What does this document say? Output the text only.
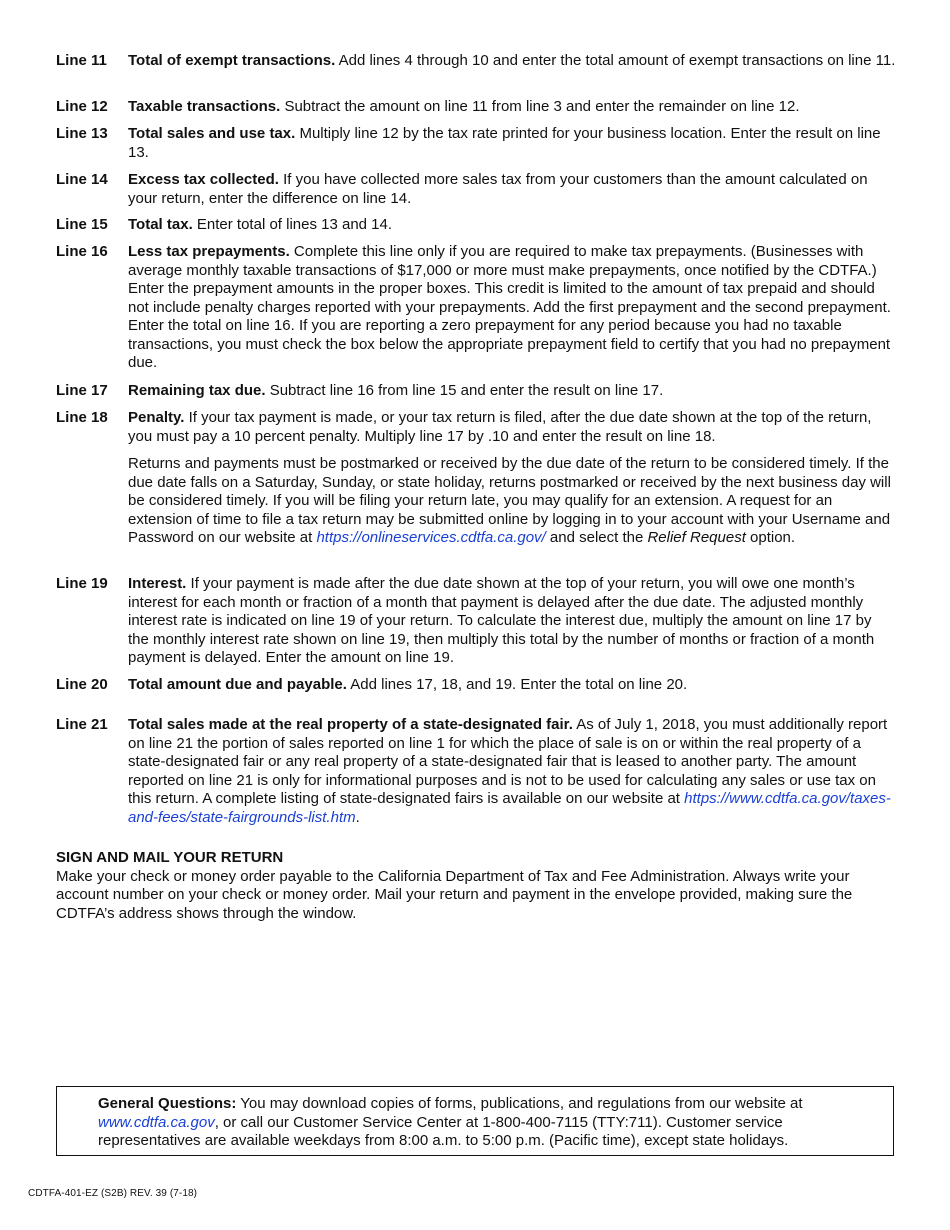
Line 11	Total of exempt transactions. Add lines 4 through 10 and enter the total amount of exempt transactions on line 11.
Line 12	Taxable transactions. Subtract the amount on line 11 from line 3 and enter the remainder on line 12.
Line 13	Total sales and use tax. Multiply line 12 by the tax rate printed for your business location. Enter the result on line 13.
Line 14	Excess tax collected. If you have collected more sales tax from your customers than the amount calculated on your return, enter the difference on line 14.
Line 15	Total tax. Enter total of lines 13 and 14.
Line 16	Less tax prepayments. Complete this line only if you are required to make tax prepayments. (Businesses with average monthly taxable transactions of $17,000 or more must make prepayments, once notified by the CDTFA.) Enter the prepayment amounts in the proper boxes. This credit is limited to the amount of tax prepaid and should not include penalty charges reported with your prepayments. Add the first prepayment and the second prepayment. Enter the total on line 16. If you are reporting a zero prepayment for any period because you had no taxable transactions, you must check the box below the appropriate prepayment field to certify that you had no prepayment due.
Line 17	Remaining tax due. Subtract line 16 from line 15 and enter the result on line 17.
Line 18	Penalty. If your tax payment is made, or your tax return is filed, after the due date shown at the top of the return, you must pay a 10 percent penalty. Multiply line 17 by .10 and enter the result on line 18.
Returns and payments must be postmarked or received by the due date of the return to be considered timely. If the due date falls on a Saturday, Sunday, or state holiday, returns postmarked or received by the next business day will be considered timely. If you will be filing your return late, you may qualify for an extension. A request for an extension of time to file a tax return may be submitted online by logging in to your account with your Username and Password on our website at https://onlineservices.cdtfa.ca.gov/ and select the Relief Request option.
Line 19	Interest. If your payment is made after the due date shown at the top of your return, you will owe one month’s interest for each month or fraction of a month that payment is delayed after the due date. The adjusted monthly interest rate is indicated on line 19 of your return. To calculate the interest due, multiply the amount on line 17 by the monthly interest rate shown on line 19, then multiply this total by the number of months or fraction of a month payment is delayed. Enter the amount on line 19.
Line 20	Total amount due and payable. Add lines 17, 18, and 19. Enter the total on line 20.
Line 21	Total sales made at the real property of a state-designated fair. As of July 1, 2018, you must additionally report on line 21 the portion of sales reported on line 1 for which the place of sale is on or within the real property of a state-designated fair or any real property of a state-designated fair that is leased to another party. The amount reported on line 21 is only for informational purposes and is not to be used for calculating any sales or use tax on this return. A complete listing of state-designated fairs is available on our website at https://www.cdtfa.ca.gov/taxes-and-fees/state-fairgrounds-list.htm.
SIGN AND MAIL YOUR RETURN

Make your check or money order payable to the California Department of Tax and Fee Administration. Always write your account number on your check or money order. Mail your return and payment in the envelope provided, making sure the CDTFA’s address shows through the window.

General Questions: You may download copies of forms, publications, and regulations from our website at www.cdtfa.ca.gov, or call our Customer Service Center at 1-800-400-7115 (TTY:711). Customer service representatives are available weekdays from 8:00 a.m. to 5:00 p.m. (Pacific time), except state holidays.
CDTFA-401-EZ (S2B) REV. 39 (7-18)
